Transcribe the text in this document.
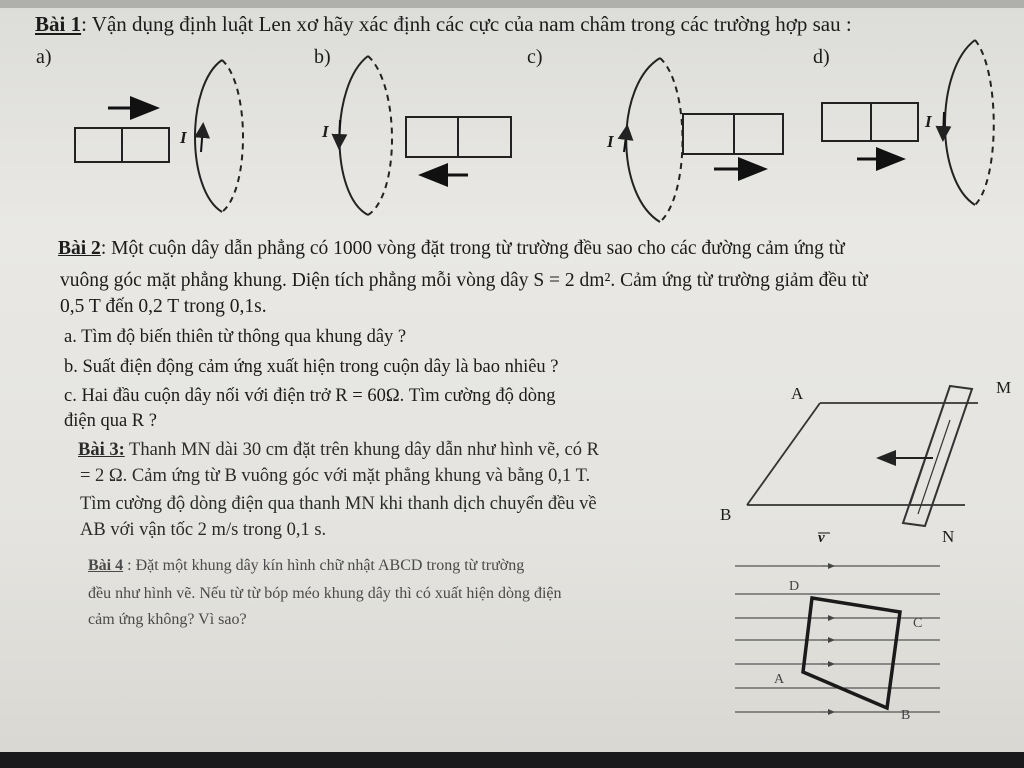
Bài 1: Vận dụng định luật Len xơ hãy xác định các cực của nam châm trong các trường hợp sau :
a)	b)	c)	d)
I	I
I
I
Bài 2: Một cuộn dây dẫn phẳng có 1000 vòng đặt trong từ trường đều sao cho các đường cảm ứng từ
vuông góc mặt phẳng khung. Diện tích phẳng mỗi vòng dây S = 2 dm². Cảm ứng từ trường giảm đều từ
0,5 T đến 0,2 T trong 0,1s.
a. Tìm độ biến thiên từ thông qua khung dây ?
b. Suất điện động cảm ứng xuất hiện trong cuộn dây là bao nhiêu ?
c. Hai đầu cuộn dây nối với điện trở R = 60Ω. Tìm cường độ dòng
điện qua R ?
Bài 3: Thanh MN dài 30 cm đặt trên khung dây dẫn như hình vẽ, có R
= 2 Ω. Cảm ứng từ B vuông góc với mặt phẳng khung và bằng 0,1 T.
Tìm cường độ dòng điện qua thanh MN khi thanh dịch chuyển đều về
AB với vận tốc 2 m/s trong 0,1 s.
A	M
B
N
v
Bài 4 : Đặt một khung dây kín hình chữ nhật ABCD trong từ trường
đều như hình vẽ. Nếu từ từ bóp méo khung dây thì có xuất hiện dòng điện
cảm ứng không? Vì sao?
D
C
A
B
